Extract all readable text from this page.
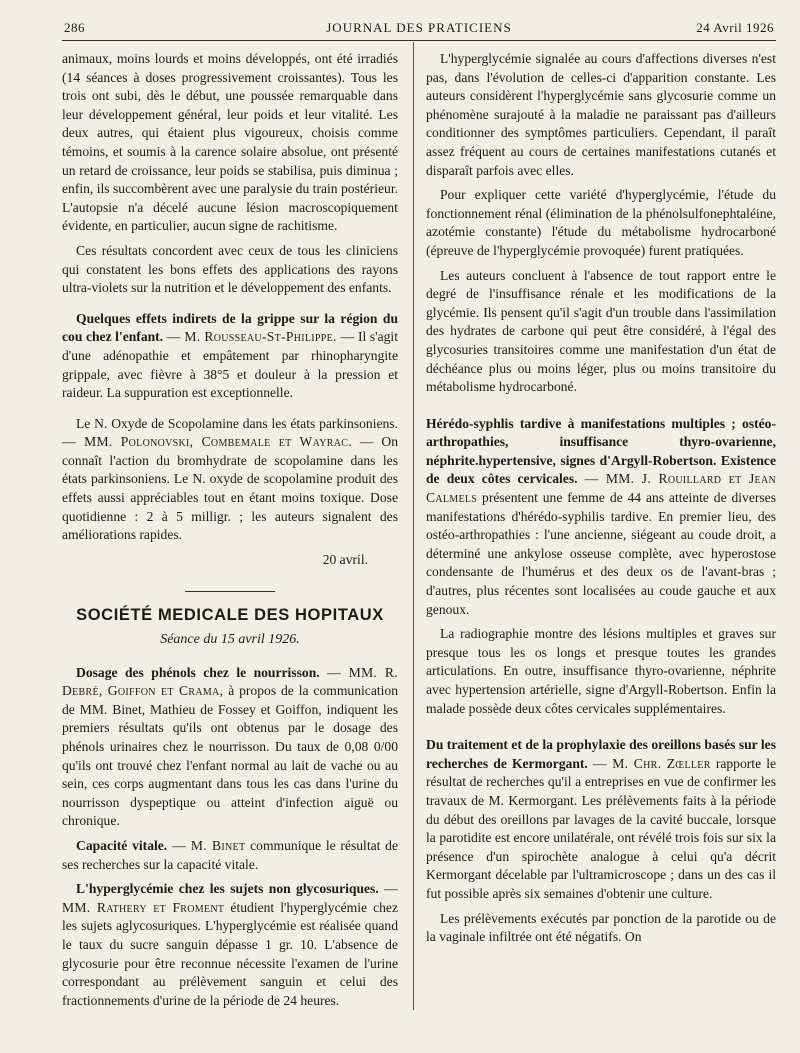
286	JOURNAL DES PRATICIENS	24 Avril 1926

animaux, moins lourds et moins développés, ont été irradiés (14 séances à doses progressivement croissantes). Tous les trois ont subi, dès le début, une poussée remarquable dans leur développement général, leur poids et leur vitalité. Les deux autres, qui étaient plus vigoureux, choisis comme témoins, et soumis à la carence solaire absolue, ont présenté un retard de croissance, leur poids se stabilisa, puis diminua ; enfin, ils succombèrent avec une paralysie du train postérieur. L'autopsie n'a décelé aucune lésion macroscopiquement évidente, en particulier, aucun signe de rachitisme.

Ces résultats concordent avec ceux de tous les cliniciens qui constatent les bons effets des applications des rayons ultra-violets sur la nutrition et le développement des enfants.

Quelques effets indirets de la grippe sur la région du cou chez l'enfant. — M. Rousseau-St-Philippe. — Il s'agit d'une adénopathie et empâtement par rhinopharyngite grippale, avec fièvre à 38°5 et douleur à la pression et raideur. La suppuration est exceptionnelle.

Le N. Oxyde de Scopolamine dans les états parkinsoniens. — MM. Polonovski, Combemale et Wayrac. — On connaît l'action du bromhydrate de scopolamine dans les états parkinsoniens. Le N. oxyde de scopolamine produit des effets aussi appréciables tout en étant moins toxique. Dose quotidienne : 2 à 5 milligr. ; les auteurs signalent des améliorations rapides.

20 avril.

SOCIÉTÉ MEDICALE DES HOPITAUX
Séance du 15 avril 1926.

Dosage des phénols chez le nourrisson. — MM. R. Debré, Goiffon et Crama, à propos de la communication de MM. Binet, Mathieu de Fossey et Goiffon, indiquent les premiers résultats qu'ils ont obtenus par le dosage des phénols urinaires chez le nourrisson. Du taux de 0,08 0/00 qu'ils ont trouvé chez l'enfant normal au lait de vache ou au sein, ces corps augmentant dans tous les cas dans l'urine du nourrisson dyspeptique ou atteint d'infection aiguë ou chronique.

Capacité vitale. — M. Binet communique le résultat de ses recherches sur la capacité vitale.

L'hyperglycémie chez les sujets non glycosuriques. — MM. Rathery et Froment étudient l'hyperglycémie chez les sujets aglycosuriques. L'hyperglycémie est réalisée quand le taux du sucre sanguin dépasse 1 gr. 10. L'absence de glycosurie pour être reconnue nécessite l'examen de l'urine correspondant au prélèvement sanguin et celui des fractionnements d'urine de la période de 24 heures.

L'hyperglycémie signalée au cours d'affections diverses n'est pas, dans l'évolution de celles-ci d'apparition constante. Les auteurs considèrent l'hyperglycémie sans glycosurie comme un phénomène surajouté à la maladie ne paraissant pas d'ailleurs conditionner des symptômes particuliers. Cependant, il paraît assez fréquent au cours de certaines manifestations cutanés et disparaît parfois avec elles.

Pour expliquer cette variété d'hyperglycémie, l'étude du fonctionnement rénal (élimination de la phénolsulfonephtaléine, azotémie constante) l'étude du métabolisme hydrocarboné (épreuve de l'hyperglycémie provoquée) furent pratiquées.

Les auteurs concluent à l'absence de tout rapport entre le degré de l'insuffisance rénale et les modifications de la glycémie. Ils pensent qu'il s'agit d'un trouble dans l'assimilation des hydrates de carbone qui peut être considéré, à l'égal des glycosuries transitoires comme une manifestation d'un état de déchéance plus ou moins léger, plus ou moins transitoire du métabolisme hydrocarboné.

Hérédo-syphlis tardive à manifestations multiples ; ostéo-arthropathies, insuffisance thyro-ovarienne, néphrite.hypertensive, signes d'Argyll-Robertson. Existence de deux côtes cervicales. — MM. J. Rouillard et Jean Calmels présentent une femme de 44 ans atteinte de diverses manifestations d'hérédo-syphilis tardive. En premier lieu, des ostéo-arthropathies : l'une ancienne, siégeant au coude droit, a déterminé une ankylose osseuse complète, avec hyperostose condensante de l'humérus et des deux os de l'avant-bras ; d'autres, plus récentes sont localisées au coude gauche et aux genoux.

La radiographie montre des lésions multiples et graves sur presque tous les os longs et presque toutes les grandes articulations. En outre, insuffisance thyro-ovarienne, néphrite avec hypertension artérielle, signe d'Argyll-Robertson. Enfin la malade possède deux côtes cervicales supplémentaires.

Du traitement et de la prophylaxie des oreillons basés sur les recherches de Kermorgant. — M. Chr. Zœller rapporte le résultat de recherches qu'il a entreprises en vue de confirmer les travaux de M. Kermorgant. Les prélèvements faits à la période du début des oreillons par lavages de la cavité buccale, lorsque la parotidite est encore unilatérale, ont révélé trois fois sur six la présence d'un spirochète analogue à celui qu'a décrit Kermorgant décelable par l'ultramicroscope ; dans un des cas il fut possible après six semaines d'obtenir une culture.

Les prélèvements exécutés par ponction de la parotide ou de la vaginale infiltrée ont été négatifs. On
